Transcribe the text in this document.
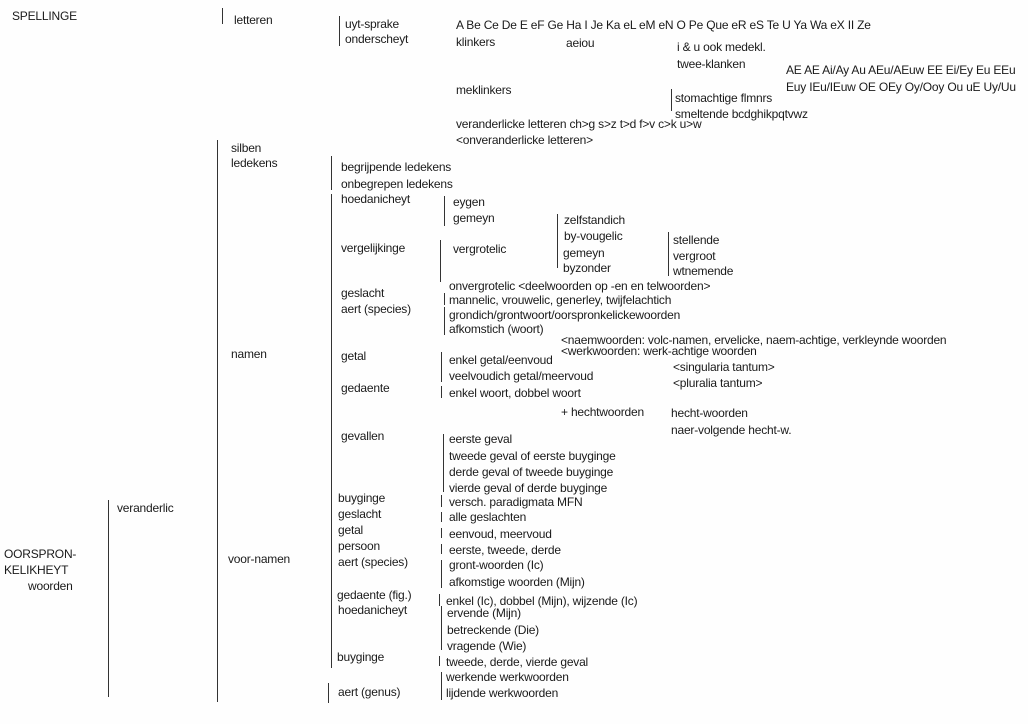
SPELLINGE	letteren	uyt-sprake
onderscheyt
A Be Ce De E eF Ge Ha I Je Ka eL eM eN O Pe Que eR eS Te U Ya Wa eX II Ze
klinkers	aeiou	i & u ook medekl.
twee-klanken	AE AE Ai/Ay Au AEu/AEuw EE Ei/Ey Eu EEu
Euy IEu/IEuw OE OEy Oy/Ooy Ou uE Uy/Uu
meklinkers
stomachtige flmnrs
smeltende bcdghikpqtvwz
veranderlicke letteren ch>g s>z t>d f>v c>k u>w
<onveranderlicke letteren>
silben
ledekens	begrijpende ledekens
onbegrepen ledekens
hoedanicheyt	eygen
gemeyn	zelfstandich
by-vougelic
vergelijkinge	vergrotelic	gemeyn
byzonder
stellende
vergroot
wtnemende
onvergrotelic <deelwoorden op -en en telwoorden>
geslacht	mannelic, vrouwelic, generley, twijfelachtich
aert (species)	grondich/grontwoort/oorspronkelickewoorden
afkomstich (woort)
<naemwoorden: volc-namen, ervelicke, naem-achtige, verkleynde woorden
<werkwoorden: werk-achtige woorden
namen	getal	enkel getal/eenvoud	<singularia tantum>
veelvoudich getal/meervoud	<pluralia tantum>
gedaente	enkel woort, dobbel woort
+ hechtwoorden hecht-woorden
naer-volgende hecht-w.
gevallen	eerste geval
tweede geval of eerste buyginge
derde geval of tweede buyginge
vierde geval of derde buyginge
buyginge	versch. paradigmata MFN
veranderlic	geslacht	alle geslachten
getal	eenvoud, meervoud
persoon	eerste, tweede, derde
OORSPRON-	voor-namen	aert (species)	gront-woorden (Ic)
KELIKHEYT
afkomstige woorden (Mijn)
woorden
gedaente (fig.)	enkel (Ic), dobbel (Mijn), wijzende (Ic)
hoedanicheyt	ervende (Mijn)
betreckende (Die)
vragende (Wie)
buyginge	tweede, derde, vierde geval
werkende werkwoorden
aert (genus)	lijdende werkwoorden
